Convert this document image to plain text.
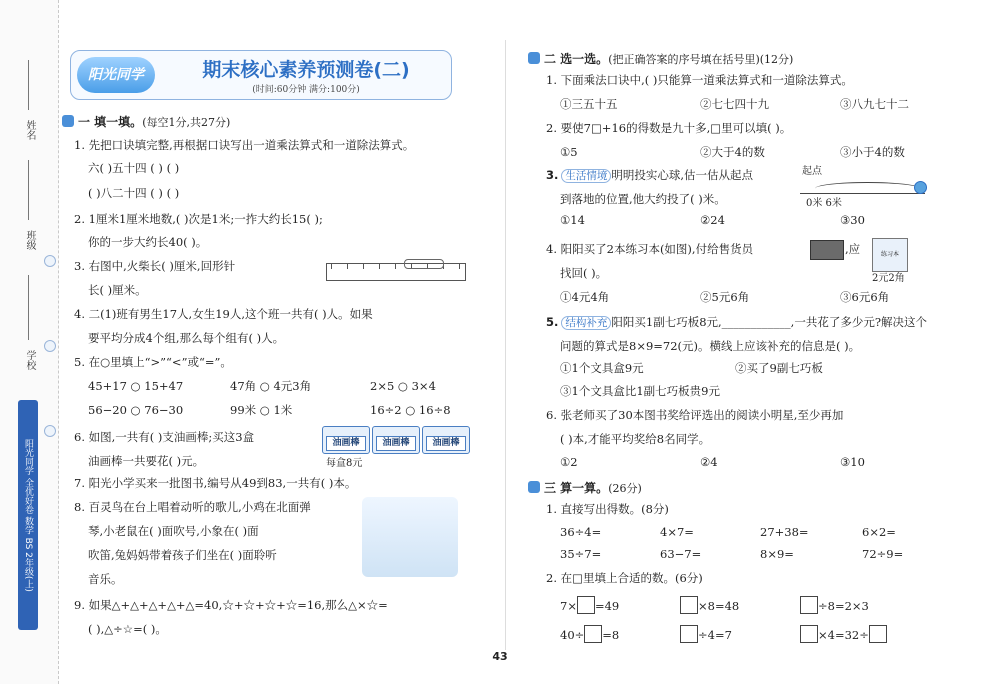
姓名
班级
学校
阳光同学 全优好卷 数学 BS 2年级(上)
阳光同学	期末核心素养预测卷(二)
(时间:60分钟 满分:100分)
一 填一填。(每空1分,共27分)
1. 先把口诀填完整,再根据口诀写出一道乘法算式和一道除法算式。
六( )五十四 ( ) ( )
( )八二十四 ( ) ( )
2. 1厘米1厘米地数,( )次是1米;一拃大约长15( );
你的一步大约长40( )。
3. 右图中,火柴长( )厘米,回形针
长( )厘米。
4. 二(1)班有男生17人,女生19人,这个班一共有( )人。如果
要平均分成4个组,那么每个组有( )人。
5. 在○里填上“>”“<”或“=”。
45+17 ○ 15+47	47角 ○ 4元3角	2×5 ○ 3×4
56−20 ○ 76−30	99米 ○ 1米	16÷2 ○ 16÷8
6. 如图,一共有( )支油画棒;买这3盒
油画棒一共要花( )元。
油画棒	油画棒	油画棒
每盒8元
7. 阳光小学买来一批图书,编号从49到83,一共有( )本。
8. 百灵鸟在台上唱着动听的歌儿,小鸡在北面弹
琴,小老鼠在( )面吹号,小象在( )面
吹笛,兔妈妈带着孩子们坐在( )面聆听
音乐。
9. 如果△+△+△+△+△=40,☆+☆+☆+☆=16,那么△×☆=
( ),△÷☆=( )。
二 选一选。(把正确答案的序号填在括号里)(12分)
1. 下面乘法口诀中,( )只能算一道乘法算式和一道除法算式。
①三五十五	②七七四十九	③八九七十二
2. 要使7□+16的得数是九十多,□里可以填( )。
①5	②大于4的数	③小于4的数
3. 生活情境 明明投实心球,估一估从起点
到落地的位置,他大约投了( )米。
起点
0米 6米
①14	②24	③30
4. 阳阳买了2本练习本(如图),付给售货员	,应	练习本
2元2角
找回( )。
①4元4角	②5元6角	③6元6角
5. 结构补充 阳阳买1副七巧板8元,____________,一共花了多少元?解决这个
问题的算式是8×9=72(元)。横线上应该补充的信息是( )。
①1个文具盒9元	②买了9副七巧板
③1个文具盒比1副七巧板贵9元
6. 张老师买了30本图书奖给评选出的阅读小明星,至少再加
( )本,才能平均奖给8名同学。
①2	②4	③10
三 算一算。(26分)
1. 直接写出得数。(8分)
36÷4=	4×7=	27+38=	6×2=
35÷7=	63−7=	8×9=	72÷9=
2. 在□里填上合适的数。(6分)
7× =49	×8=48	÷8=2×3
40÷ =8	÷4=7	×4=32÷
43
